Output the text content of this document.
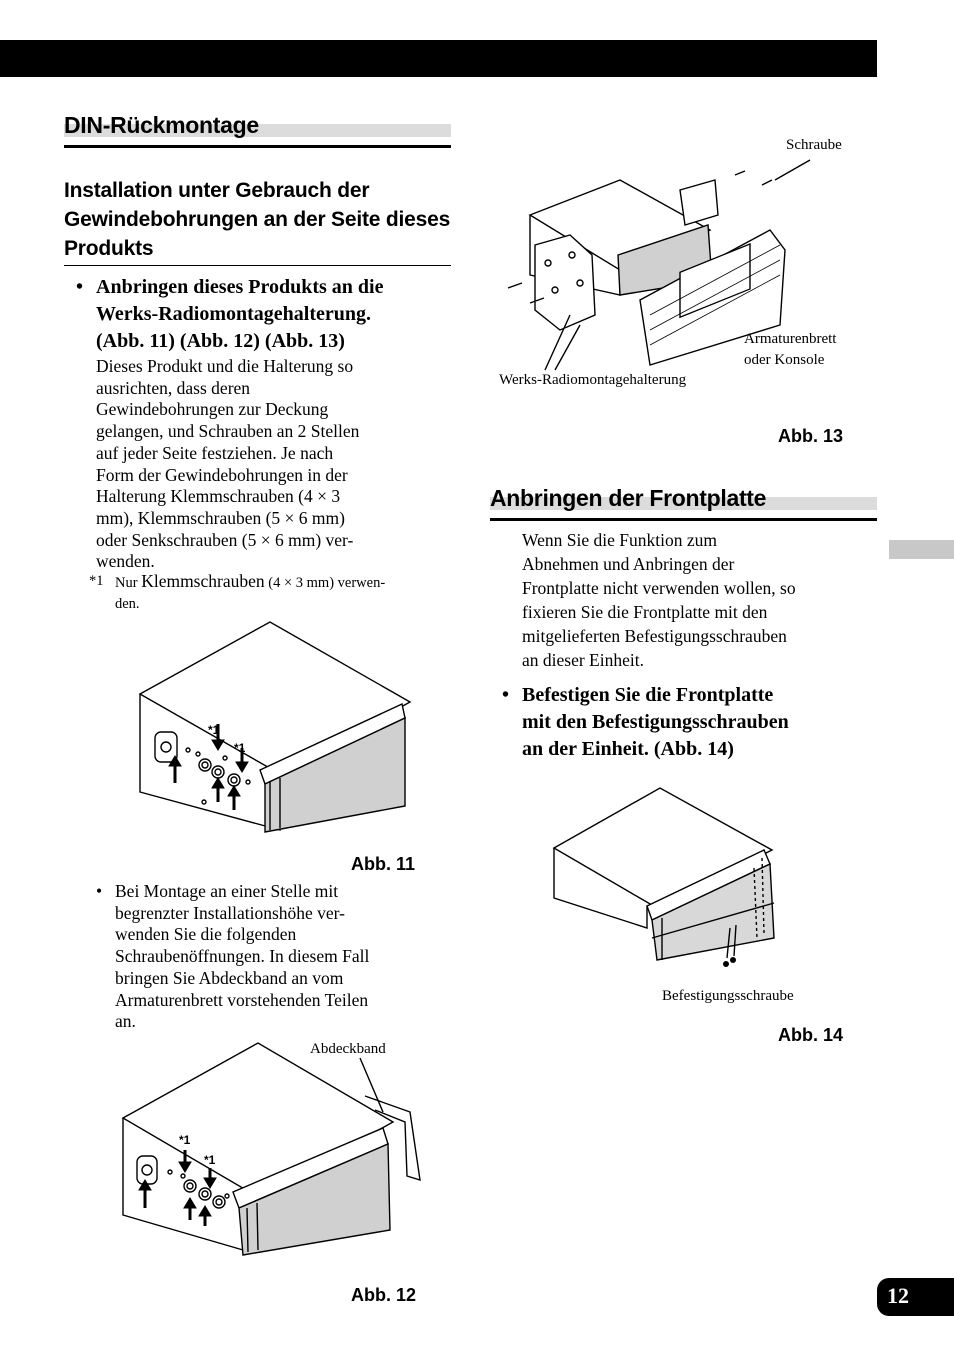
12
DIN-Rückmontage
Installation unter Gebrauch der Gewindebohrungen an der Seite dieses Produkts
• Anbringen dieses Produkts an die
Werks-Radiomontagehalterung.
(Abb. 11) (Abb. 12) (Abb. 13)
Dieses Produkt und die Halterung so
ausrichten, dass deren
Gewindebohrungen zur Deckung
gelangen, und Schrauben an 2 Stellen
auf jeder Seite festziehen. Je nach
Form der Gewindebohrungen in der
Halterung Klemmschrauben (4 × 3
mm), Klemmschrauben (5 × 6 mm)
oder Senkschrauben (5 × 6 mm) ver-
wenden.
*1 Nur Klemmschrauben (4 × 3 mm) verwen-
den.
*1
*1
Abb. 11
• Bei Montage an einer Stelle mit
begrenzter Installationshöhe ver-
wenden Sie die folgenden
Schraubenöffnungen. In diesem Fall
bringen Sie Abdeckband an vom
Armaturenbrett vorstehenden Teilen
an.
Abdeckband
*1
*1
Abb. 12
Schraube
Armaturenbrett
oder Konsole
Werks-Radiomontagehalterung
Abb. 13
Anbringen der Frontplatte
Wenn Sie die Funktion zum
Abnehmen und Anbringen der
Frontplatte nicht verwenden wollen, so
fixieren Sie die Frontplatte mit den
mitgelieferten Befestigungsschrauben
an dieser Einheit.
• Befestigen Sie die Frontplatte
mit den Befestigungsschrauben
an der Einheit. (Abb. 14)
Befestigungsschraube
Abb. 14
